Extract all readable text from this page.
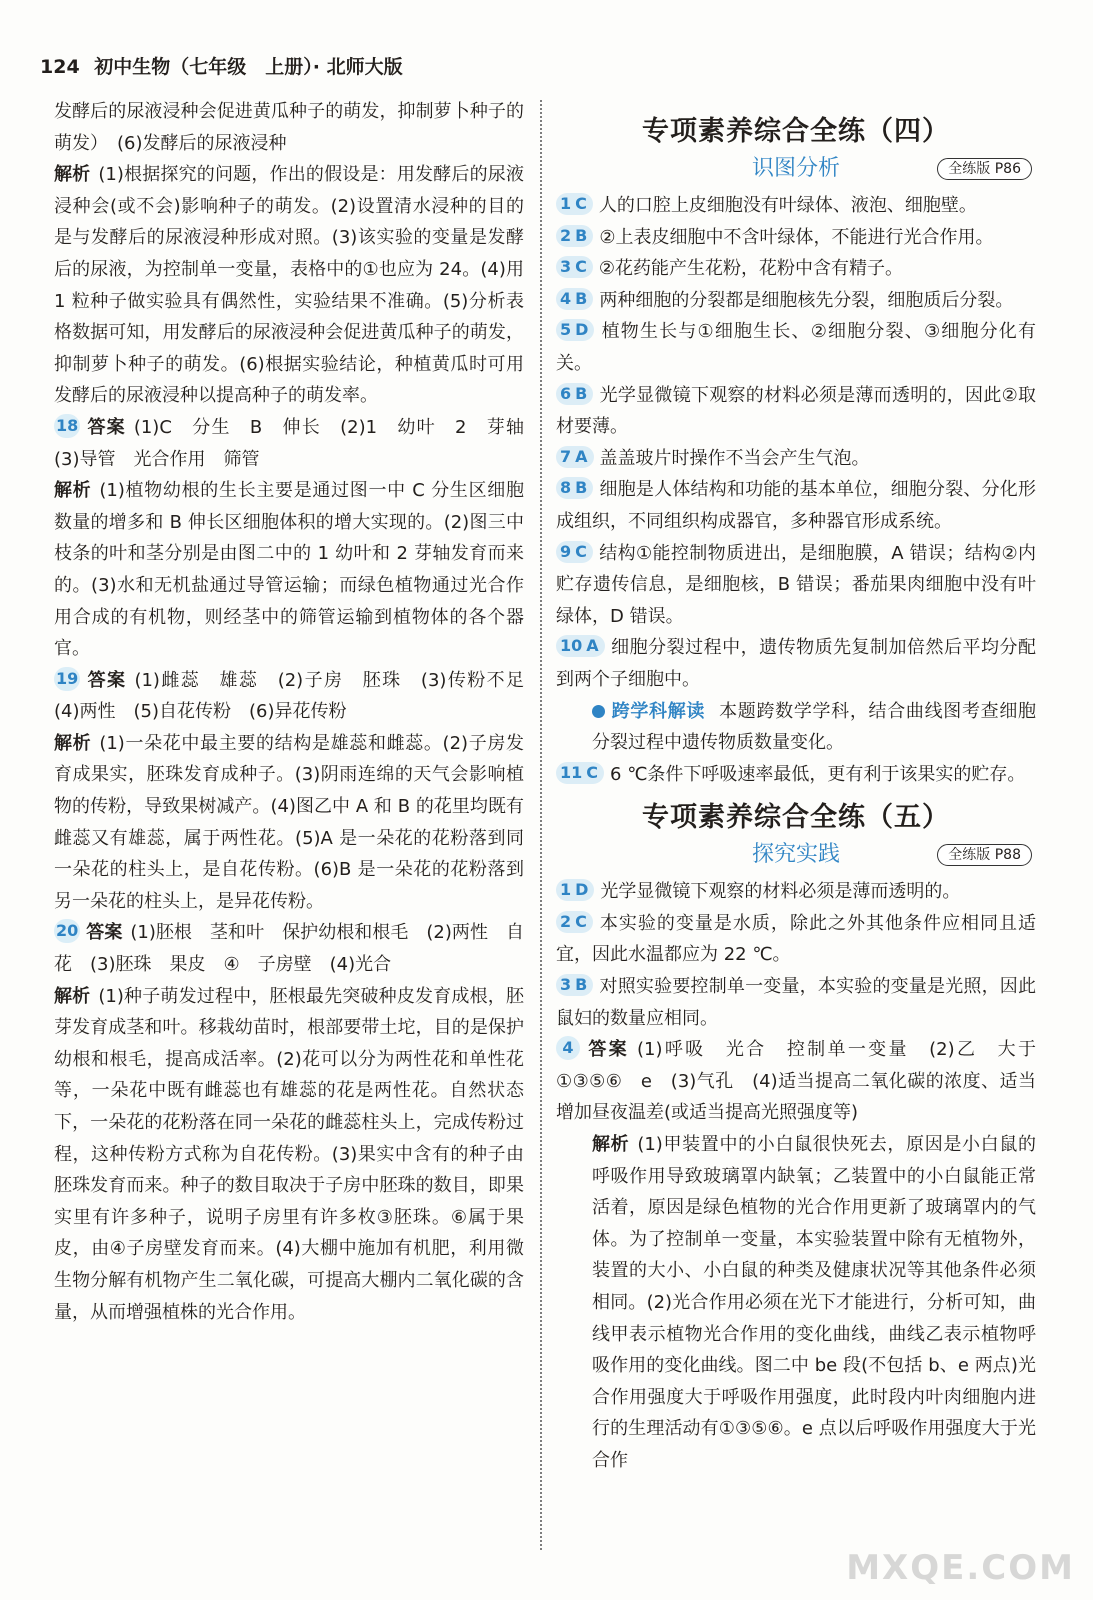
124 初中生物（七年级　上册）· 北师大版
发酵后的尿液浸种会促进黄瓜种子的萌发，抑制萝卜种子的萌发）　(6)发酵后的尿液浸种
解析 (1)根据探究的问题，作出的假设是：用发酵后的尿液浸种会(或不会)影响种子的萌发。(2)设置清水浸种的目的是与发酵后的尿液浸种形成对照。(3)该实验的变量是发酵后的尿液，为控制单一变量，表格中的①也应为 24。(4)用 1 粒种子做实验具有偶然性，实验结果不准确。(5)分析表格数据可知，用发酵后的尿液浸种会促进黄瓜种子的萌发，抑制萝卜种子的萌发。(6)根据实验结论，种植黄瓜时可用发酵后的尿液浸种以提高种子的萌发率。
18 答案 (1)C　分生　B　伸长　(2)1　幼叶　2　芽轴　(3)导管　光合作用　筛管
解析 (1)植物幼根的生长主要是通过图一中 C 分生区细胞数量的增多和 B 伸长区细胞体积的增大实现的。(2)图三中枝条的叶和茎分别是由图二中的 1 幼叶和 2 芽轴发育而来的。(3)水和无机盐通过导管运输；而绿色植物通过光合作用合成的有机物，则经茎中的筛管运输到植物体的各个器官。
19 答案 (1)雌蕊　雄蕊　(2)子房　胚珠　(3)传粉不足　(4)两性　(5)自花传粉　(6)异花传粉
解析 (1)一朵花中最主要的结构是雄蕊和雌蕊。(2)子房发育成果实，胚珠发育成种子。(3)阴雨连绵的天气会影响植物的传粉，导致果树减产。(4)图乙中 A 和 B 的花里均既有雌蕊又有雄蕊，属于两性花。(5)A 是一朵花的花粉落到同一朵花的柱头上，是自花传粉。(6)B 是一朵花的花粉落到另一朵花的柱头上，是异花传粉。
20 答案 (1)胚根　茎和叶　保护幼根和根毛　(2)两性　自花　(3)胚珠　果皮　④　子房壁　(4)光合
解析 (1)种子萌发过程中，胚根最先突破种皮发育成根，胚芽发育成茎和叶。移栽幼苗时，根部要带土坨，目的是保护幼根和根毛，提高成活率。(2)花可以分为两性花和单性花等，一朵花中既有雌蕊也有雄蕊的花是两性花。自然状态下，一朵花的花粉落在同一朵花的雌蕊柱头上，完成传粉过程，这种传粉方式称为自花传粉。(3)果实中含有的种子由胚珠发育而来。种子的数目取决于子房中胚珠的数目，即果实里有许多种子，说明子房里有许多枚③胚珠。⑥属于果皮，由④子房壁发育而来。(4)大棚中施加有机肥，利用微生物分解有机物产生二氧化碳，可提高大棚内二氧化碳的含量，从而增强植株的光合作用。
专项素养综合全练（四）
识图分析	全练版 P86
1 C 人的口腔上皮细胞没有叶绿体、液泡、细胞壁。
2 B ②上表皮细胞中不含叶绿体，不能进行光合作用。
3 C ②花药能产生花粉，花粉中含有精子。
4 B 两种细胞的分裂都是细胞核先分裂，细胞质后分裂。
5 D 植物生长与①细胞生长、②细胞分裂、③细胞分化有关。
6 B 光学显微镜下观察的材料必须是薄而透明的，因此②取材要薄。
7 A 盖盖玻片时操作不当会产生气泡。
8 B 细胞是人体结构和功能的基本单位，细胞分裂、分化形成组织，不同组织构成器官，多种器官形成系统。
9 C 结构①能控制物质进出，是细胞膜，A 错误；结构②内贮存遗传信息，是细胞核，B 错误；番茄果肉细胞中没有叶绿体，D 错误。
10 A 细胞分裂过程中，遗传物质先复制加倍然后平均分配到两个子细胞中。
跨学科解读 本题跨数学学科，结合曲线图考查细胞分裂过程中遗传物质数量变化。
11 C 6 ℃条件下呼吸速率最低，更有利于该果实的贮存。
专项素养综合全练（五）
探究实践	全练版 P88
1 D 光学显微镜下观察的材料必须是薄而透明的。
2 C 本实验的变量是水质，除此之外其他条件应相同且适宜，因此水温都应为 22 ℃。
3 B 对照实验要控制单一变量，本实验的变量是光照，因此鼠妇的数量应相同。
4 答案 (1)呼吸　光合　控制单一变量　(2)乙　大于　①③⑤⑥　e　(3)气孔　(4)适当提高二氧化碳的浓度、适当增加昼夜温差(或适当提高光照强度等)
解析 (1)甲装置中的小白鼠很快死去，原因是小白鼠的呼吸作用导致玻璃罩内缺氧；乙装置中的小白鼠能正常活着，原因是绿色植物的光合作用更新了玻璃罩内的气体。为了控制单一变量，本实验装置中除有无植物外，装置的大小、小白鼠的种类及健康状况等其他条件必须相同。(2)光合作用必须在光下才能进行，分析可知，曲线甲表示植物光合作用的变化曲线，曲线乙表示植物呼吸作用的变化曲线。图二中 be 段(不包括 b、e 两点)光合作用强度大于呼吸作用强度，此时段内叶肉细胞内进行的生理活动有①③⑤⑥。e 点以后呼吸作用强度大于光合作
MXQE.COM
